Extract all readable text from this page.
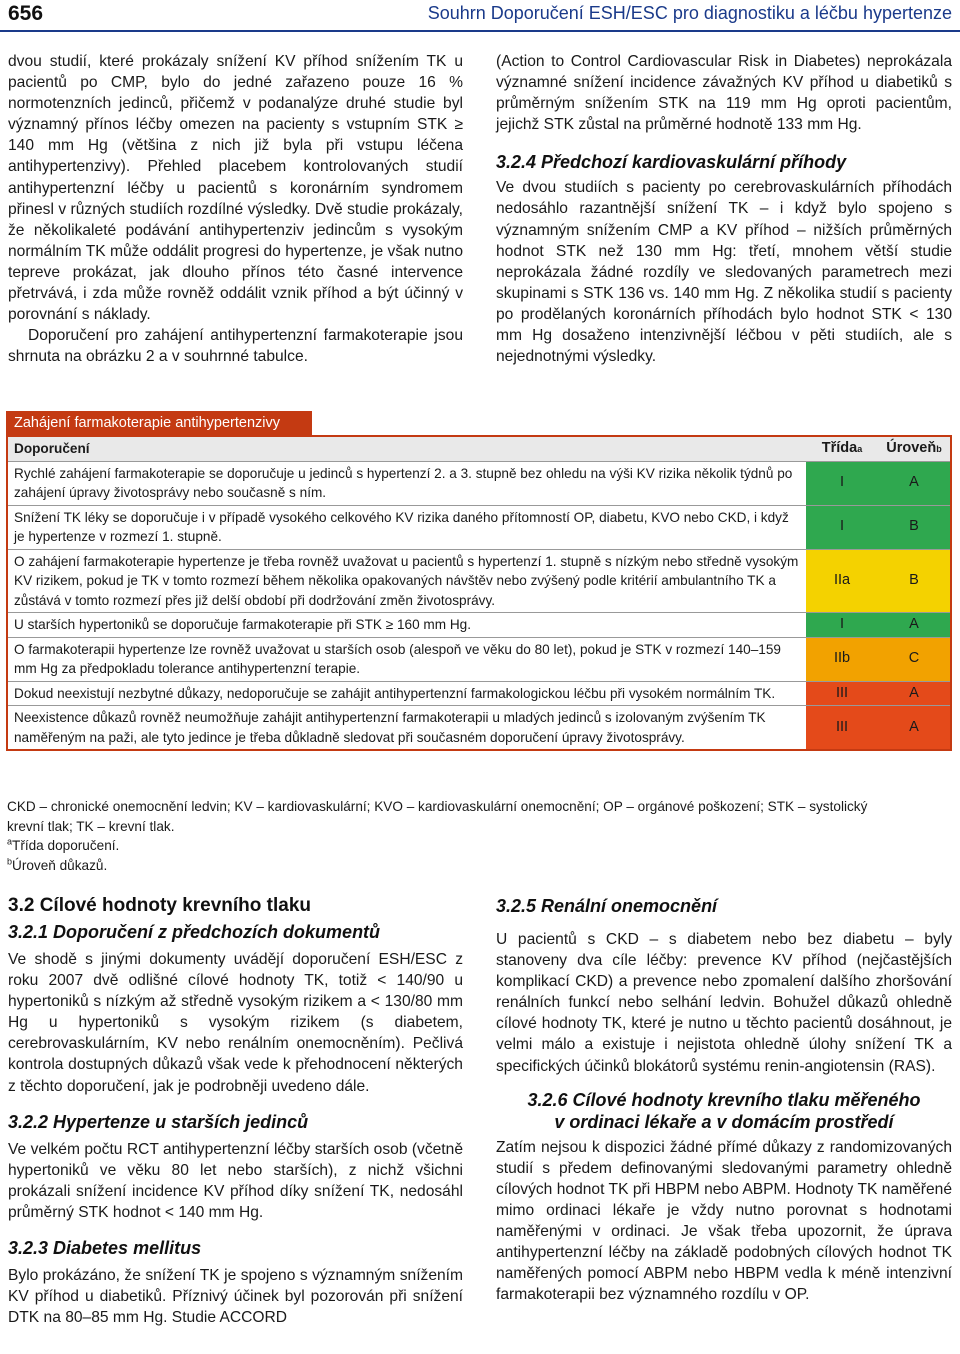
656	Souhrn Doporučení ESH/ESC pro diagnostiku a léčbu hypertenze

dvou studií, které prokázaly snížení KV příhod snížením TK u pacientů po CMP, bylo do jedné zařazeno pouze 16 % normotenzních jedinců, přičemž v podanalýze druhé studie byl významný přínos léčby omezen na pacienty s vstupním STK ≥ 140 mm Hg (většina z nich již byla při vstupu léčena antihypertenzivy). Přehled placebem kontrolovaných studií antihypertenzní léčby u pacientů s koronárním syndromem přinesl v různých studiích rozdílné výsledky. Dvě studie prokázaly, že několikaleté podávání antihypertenziv jedincům s vysokým normálním TK může oddálit progresi do hypertenze, je však nutno tepreve prokázat, jak dlouho přínos této časné intervence přetrvává, i zda může rovněž oddálit vznik příhod a být účinný v porovnání s náklady.

Doporučení pro zahájení antihypertenzní farmakoterapie jsou shrnuta na obrázku 2 a v souhrnné tabulce.

(Action to Control Cardiovascular Risk in Diabetes) neprokázala významné snížení incidence závažných KV příhod u diabetiků s průměrným snížením STK na 119 mm Hg oproti pacientům, jejichž STK zůstal na průměrné hodnotě 133 mm Hg.

3.2.4 Předchozí kardiovaskulární příhody

Ve dvou studiích s pacienty po cerebrovaskulárních příhodách nedosáhlo razantnější snížení TK – i když bylo spojeno s významným snížením CMP a KV příhod – nižších průměrných hodnot STK než 130 mm Hg: třetí, mnohem větší studie neprokázala žádné rozdíly ve sledovaných parametrech mezi skupinami s STK 136 vs. 140 mm Hg. Z několika studií s pacienty po prodělaných koronárních příhodách bylo hodnot STK < 130 mm Hg dosaženo intenzivnější léčbou v pěti studiích, ale s nejednotnými výsledky.

Zahájení farmakoterapie antihypertenzivy
Doporučení	Třída a Úroveň b
Rychlé zahájení farmakoterapie se doporučuje u jedinců s hypertenzí 2. a 3. stupně bez ohledu na výši KV rizika několik týdnů po zahájení úpravy životosprávy nebo současně s ním.
I	A
Snížení TK léky se doporučuje i v případě vysokého celkového KV rizika daného přítomností OP, diabetu, KVO nebo CKD, i když je hypertenze v rozmezí 1. stupně.
I	B
O zahájení farmakoterapie hypertenze je třeba rovněž uvažovat u pacientů s hypertenzí 1. stupně s nízkým nebo středně vysokým KV rizikem, pokud je TK v tomto rozmezí během několika opakovaných návštěv nebo zvýšený podle kritérií ambulantního TK a zůstává v tomto rozmezí přes již delší období při dodržování změn životosprávy.
IIa	B
U starších hypertoniků se doporučuje farmakoterapie při STK ≥ 160 mm Hg.	I	A
O farmakoterapii hypertenze lze rovněž uvažovat u starších osob (alespoň ve věku do 80 let), pokud je STK v rozmezí 140–159 mm Hg za předpokladu tolerance antihypertenzní terapie.
IIb	C
Dokud neexistují nezbytné důkazy, nedoporučuje se zahájit antihypertenzní farmakologickou léčbu při vysokém normálním TK.	III	A
Neexistence důkazů rovněž neumožňuje zahájit antihypertenzní farmakoterapii u mladých jedinců s izolovaným zvýšením TK naměřeným na paži, ale tyto jedince je třeba důkladně sledovat při současném doporučení úpravy životosprávy.
III	A
CKD – chronické onemocnění ledvin; KV – kardiovaskulární; KVO – kardiovaskulární onemocnění; OP – orgánové poškození; STK – systolický krevní tlak; TK – krevní tlak.
$^a$Třída doporučení.
$^b$Úroveň důkazů.
3.2 Cílové hodnoty krevního tlaku
3.2.1 Doporučení z předchozích dokumentů

Ve shodě s jinými dokumenty uvádějí doporučení ESH/ESC z roku 2007 dvě odlišné cílové hodnoty TK, totiž < 140/90 u hypertoniků s nízkým až středně vysokým rizikem a < 130/80 mm Hg u hypertoniků s vysokým rizikem (s diabetem, cerebrovaskulárním, KV nebo renálním onemocněním). Pečlivá kontrola dostupných důkazů však vede k přehodnocení některých z těchto doporučení, jak je podrobněji uvedeno dále.

3.2.2 Hypertenze u starších jedinců

Ve velkém počtu RCT antihypertenzní léčby starších osob (včetně hypertoniků ve věku 80 let nebo starších), z nichž všichni prokázali snížení incidence KV příhod díky snížení TK, nedosáhl průměrný STK hodnot < 140 mm Hg.

3.2.3 Diabetes mellitus

Bylo prokázáno, že snížení TK je spojeno s významným snížením KV příhod u diabetiků. Příznivý účinek byl pozorován při snížení DTK na 80–85 mm Hg. Studie ACCORD

3.2.5 Renální onemocnění

U pacientů s CKD – s diabetem nebo bez diabetu – byly stanoveny dva cíle léčby: prevence KV příhod (nejčastějších komplikací CKD) a prevence nebo zpomalení dalšího zhoršování renálních funkcí nebo selhání ledvin. Bohužel důkazů ohledně cílové hodnoty TK, které je nutno u těchto pacientů dosáhnout, je velmi málo a existuje i nejistota ohledně úlohy snížení TK a specifických účinků blokátorů systému renin-angiotensin (RAS).

3.2.6 Cílové hodnoty krevního tlaku měřeného
v ordinaci lékaře a v domácím prostředí

Zatím nejsou k dispozici žádné přímé důkazy z randomizovaných studií s předem definovanými sledovanými parametry ohledně cílových hodnot TK při HBPM nebo ABPM. Hodnoty TK naměřené mimo ordinaci lékaře je vždy nutno porovnat s hodnotami naměřenými v ordinaci. Je však třeba upozornit, že úprava antihypertenzní léčby na základě podobných cílových hodnot TK naměřených pomocí ABPM nebo HBPM vedla k méně intenzivní farmakoterapii bez významného rozdílu v OP.
